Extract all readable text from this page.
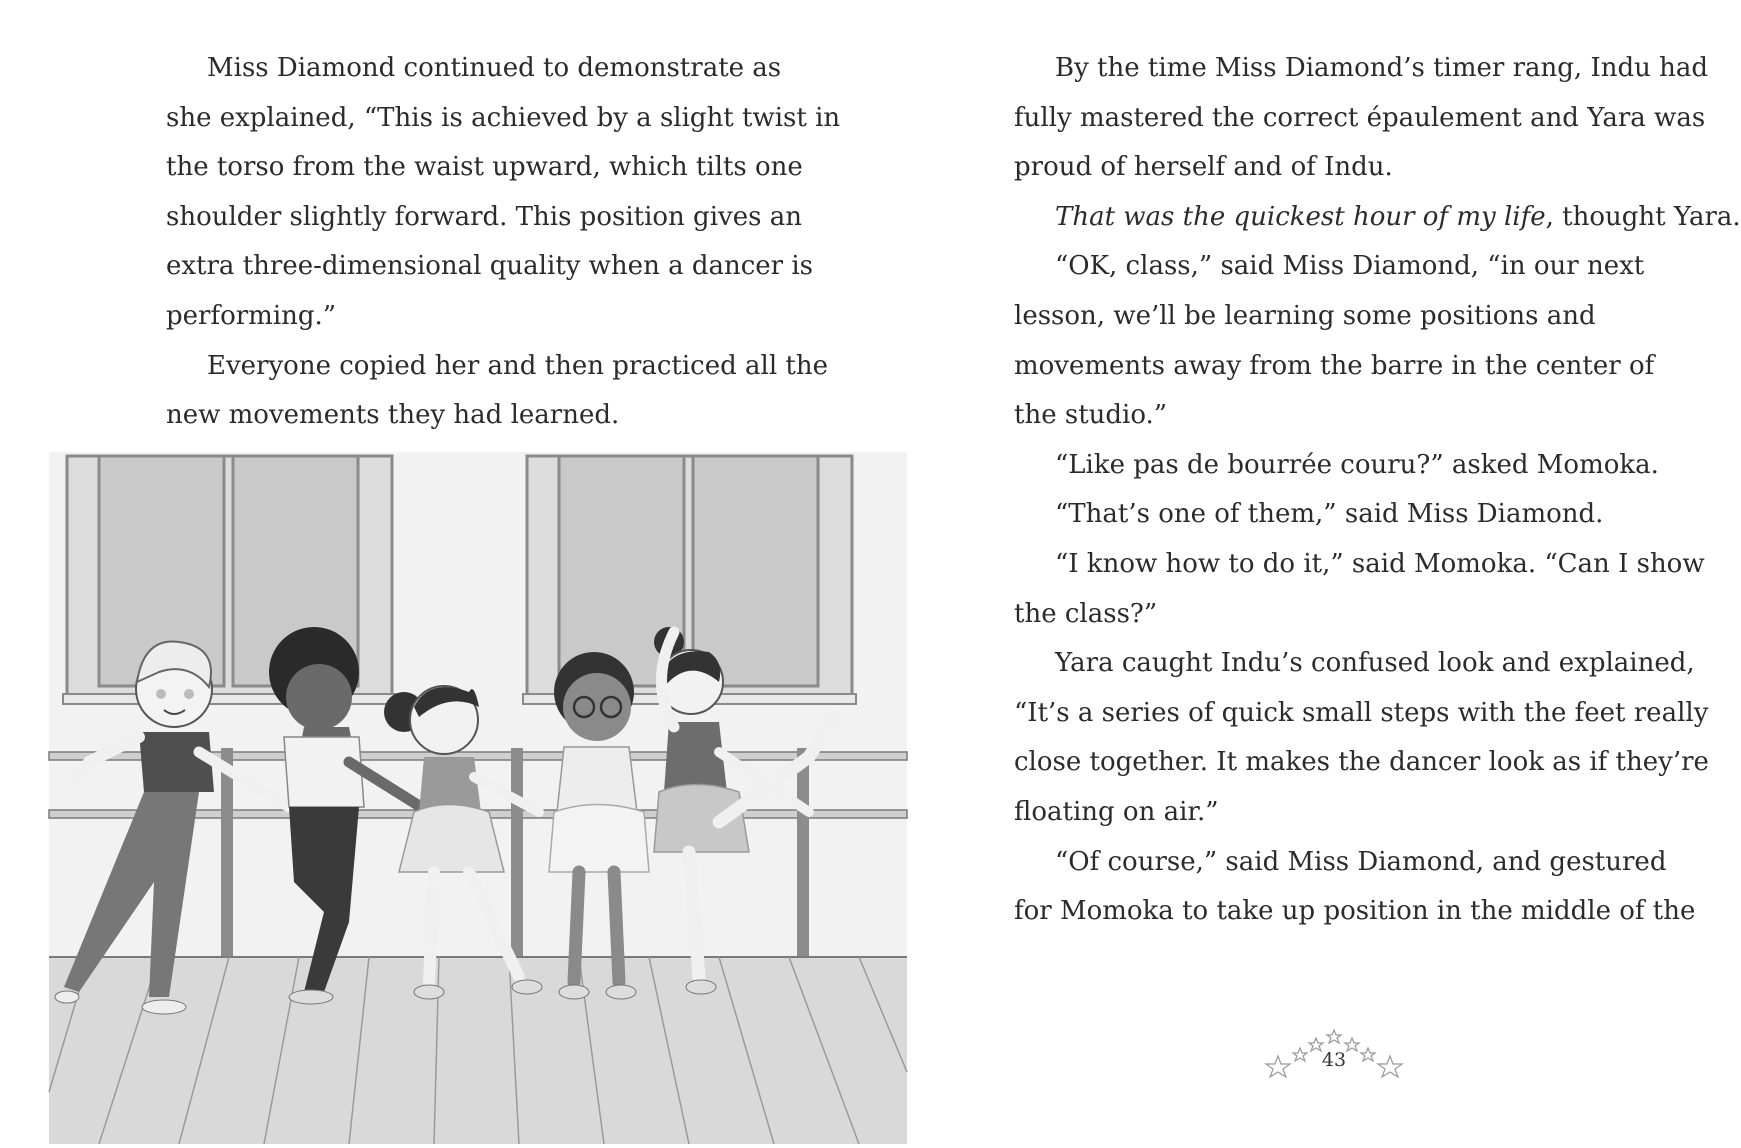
Miss Diamond continued to demonstrate as
she explained, “This is achieved by a slight twist in
the torso from the waist upward, which tilts one
shoulder slightly forward. This position gives an
extra three-dimensional quality when a dancer is
performing.”
Everyone copied her and then practiced all the
new movements they had learned.
By the time Miss Diamond’s timer rang, Indu had
fully mastered the correct épaulement and Yara was
proud of herself and of Indu.
That was the quickest hour of my life, thought Yara.
“OK, class,” said Miss Diamond, “in our next
lesson, we’ll be learning some positions and
movements away from the barre in the center of
the studio.”
“Like pas de bourrée couru?” asked Momoka.
“That’s one of them,” said Miss Diamond.
“I know how to do it,” said Momoka. “Can I show
the class?”
Yara caught Indu’s confused look and explained,
“It’s a series of quick small steps with the feet really
close together. It makes the dancer look as if they’re
floating on air.”
“Of course,” said Miss Diamond, and gestured
for Momoka to take up position in the middle of the
43
